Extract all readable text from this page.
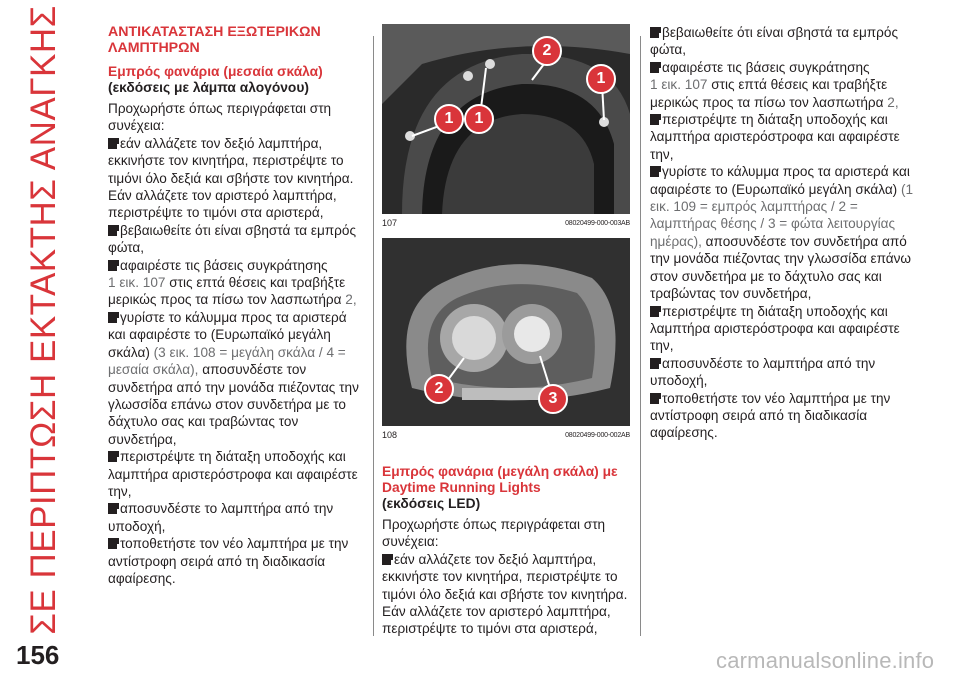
ΣΕ ΠΕΡΙΠΤΩΣΗ ΕΚΤΑΚΤΗΣ ΑΝΑΓΚΗΣ
156

ΑΝΤΙΚΑΤΑΣΤΑΣΗ ΕΞΩΤΕΡΙΚΩΝ ΛΑΜΠΤΗΡΩΝ

Εμπρός φανάρια (μεσαία σκάλα)

(εκδόσεις με λάμπα αλογόνου)

Προχωρήστε όπως περιγράφεται στη συνέχεια:

εάν αλλάζετε τον δεξιό λαμπτήρα, εκκινήστε τον κινητήρα, περιστρέψτε το τιμόνι όλο δεξιά και σβήστε τον κινητήρα. Εάν αλλάζετε τον αριστερό λαμπτήρα, περιστρέψτε το τιμόνι στα αριστερά,

βεβαιωθείτε ότι είναι σβηστά τα εμπρός φώτα,

αφαιρέστε τις βάσεις συγκράτησης
1 εικ. 107 στις επτά θέσεις και τραβήξτε μερικώς προς τα πίσω τον λασπωτήρα 2,

γυρίστε το κάλυμμα προς τα αριστερά και αφαιρέστε το (Ευρωπαϊκό μεγάλη σκάλα) (3 εικ. 108 = μεγάλη σκάλα / 4 = μεσαία σκάλα), αποσυνδέστε τον συνδετήρα από την μονάδα πιέζοντας την γλωσσίδα επάνω στον συνδετήρα με το δάχτυλο σας και τραβώντας τον συνδετήρα,

περιστρέψτε τη διάταξη υποδοχής και λαμπτήρα αριστερόστροφα και αφαιρέστε την,

αποσυνδέστε το λαμπτήρα από την υποδοχή,

τοποθετήστε τον νέο λαμπτήρα με την αντίστροφη σειρά από τη διαδικασία αφαίρεσης.

1	1
1
2
107	08020499-000-003AB
2
3
108	08020499-000-002AB

Εμπρός φανάρια (μεγάλη σκάλα) με Daytime Running Lights

(εκδόσεις LED)

Προχωρήστε όπως περιγράφεται στη συνέχεια:

εάν αλλάζετε τον δεξιό λαμπτήρα, εκκινήστε τον κινητήρα, περιστρέψτε το τιμόνι όλο δεξιά και σβήστε τον κινητήρα. Εάν αλλάζετε τον αριστερό λαμπτήρα, περιστρέψτε το τιμόνι στα αριστερά,

βεβαιωθείτε ότι είναι σβηστά τα εμπρός φώτα,

αφαιρέστε τις βάσεις συγκράτησης
1 εικ. 107 στις επτά θέσεις και τραβήξτε μερικώς προς τα πίσω τον λασπωτήρα 2,

περιστρέψτε τη διάταξη υποδοχής και λαμπτήρα αριστερόστροφα και αφαιρέστε την,

γυρίστε το κάλυμμα προς τα αριστερά και αφαιρέστε το (Ευρωπαϊκό μεγάλη σκάλα) (1 εικ. 109 = εμπρός λαμπτήρας / 2 = λαμπτήρας θέσης / 3 = φώτα λειτουργίας ημέρας), αποσυνδέστε τον συνδετήρα από την μονάδα πιέζοντας την γλωσσίδα επάνω στον συνδετήρα με το δάχτυλο σας και τραβώντας τον συνδετήρα,

περιστρέψτε τη διάταξη υποδοχής και λαμπτήρα αριστερόστροφα και αφαιρέστε την,

αποσυνδέστε το λαμπτήρα από την υποδοχή,

τοποθετήστε τον νέο λαμπτήρα με την αντίστροφη σειρά από τη διαδικασία αφαίρεσης.

carmanualsonline.info
